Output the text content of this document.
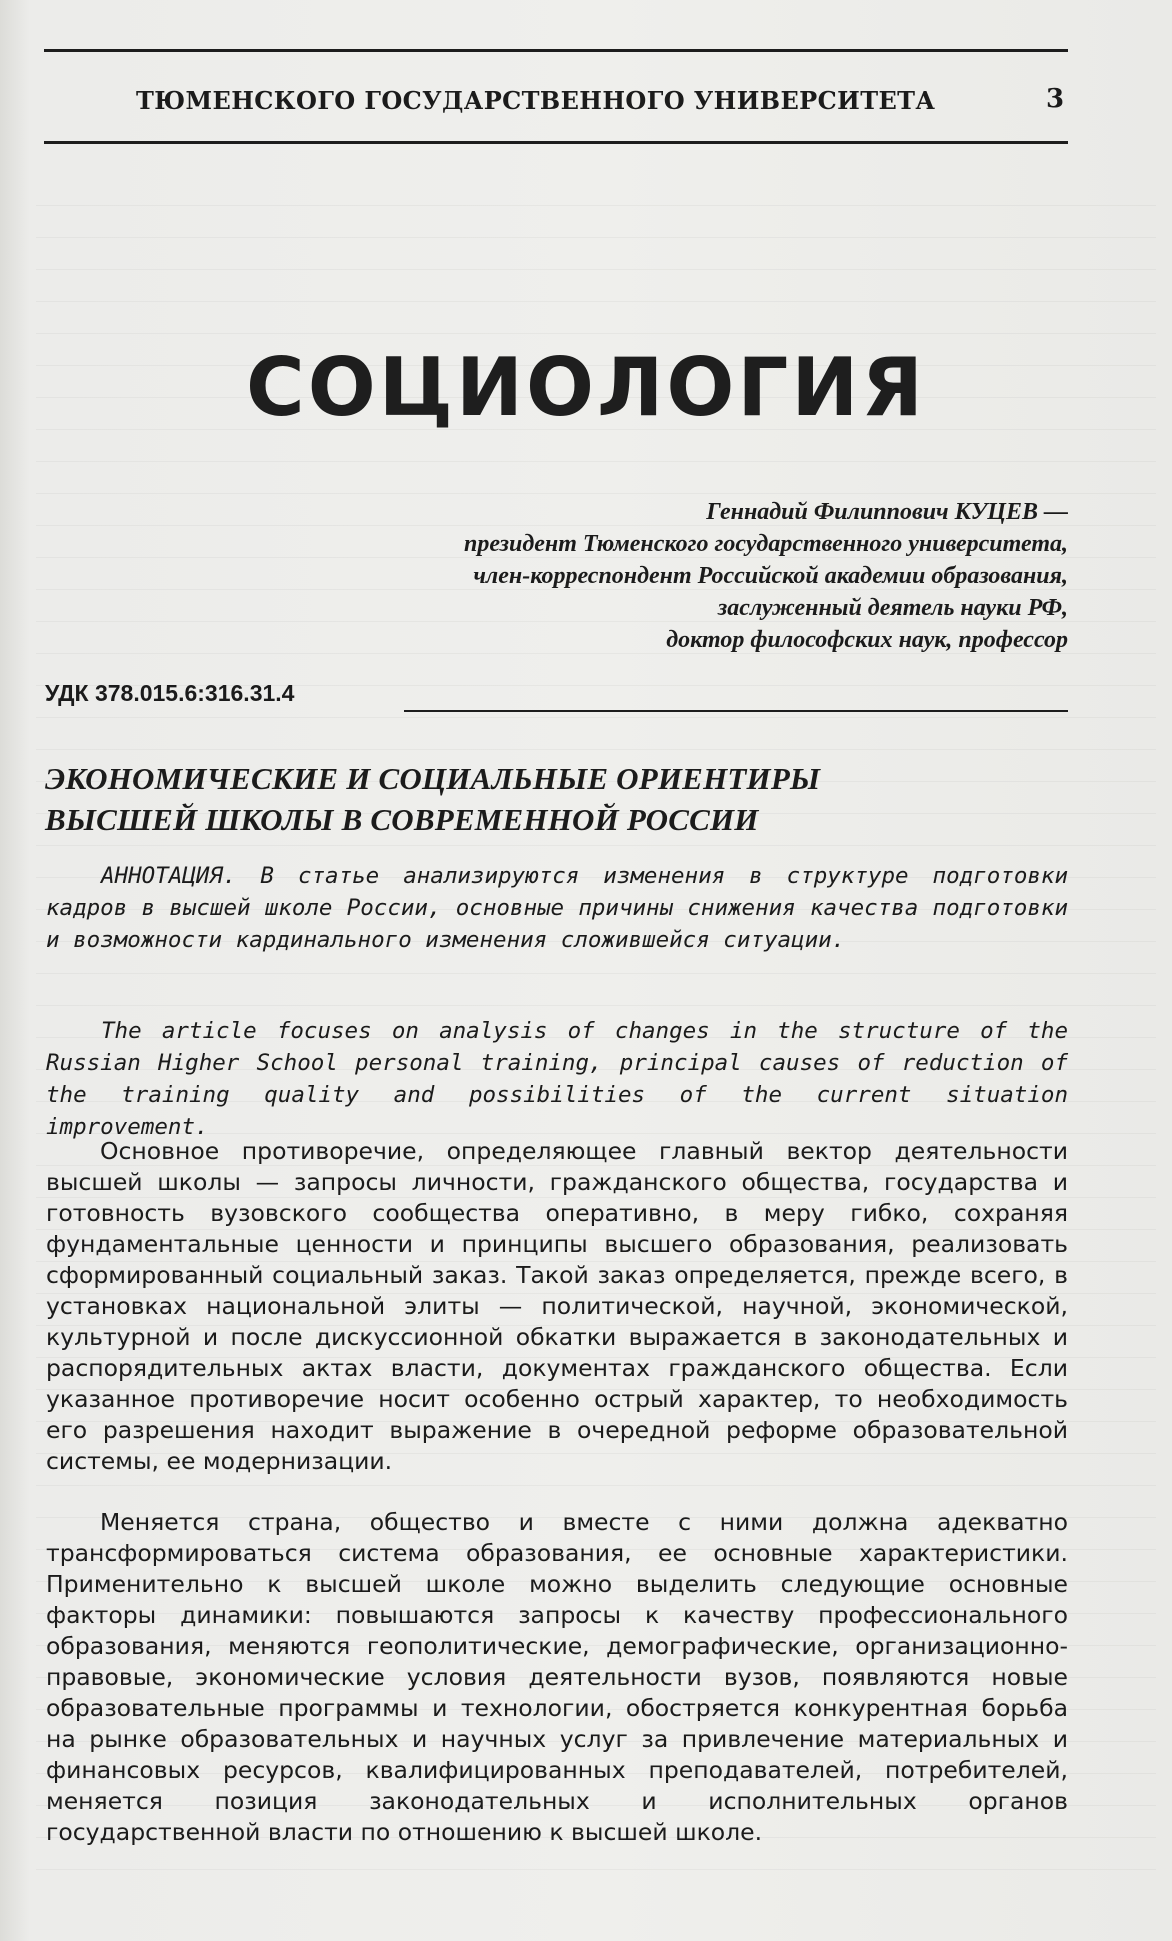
ТЮМЕНСКОГО ГОСУДАРСТВЕННОГО УНИВЕРСИТЕТА	3
СОЦИОЛОГИЯ
Геннадий Филиппович КУЦЕВ —
президент Тюменского государственного университета,
член-корреспондент Российской академии образования,
заслуженный деятель науки РФ,
доктор философских наук, профессор
УДК 378.015.6:316.31.4
ЭКОНОМИЧЕСКИЕ И СОЦИАЛЬНЫЕ ОРИЕНТИРЫ
ВЫСШЕЙ ШКОЛЫ В СОВРЕМЕННОЙ РОССИИ

АННОТАЦИЯ. В статье анализируются изменения в структуре подготовки кадров в высшей школе России, основные причины снижения качества подготовки и возможности кардинального изменения сложившейся ситуации.

The article focuses on analysis of changes in the structure of the Russian Higher School personal training, principal causes of reduction of the training quality and possibilities of the current situation improvement.

Основное противоречие, определяющее главный вектор деятельности высшей школы — запросы личности, гражданского общества, государства и готовность вузовского сообщества оперативно, в меру гибко, сохраняя фундаментальные ценности и принципы высшего образования, реализовать сформированный социальный заказ. Такой заказ определяется, прежде всего, в установках национальной элиты — политической, научной, экономической, культурной и после дискуссионной обкатки выражается в законодательных и распорядительных актах власти, документах гражданского общества. Если указанное противоречие носит особенно острый характер, то необходимость его разрешения находит выражение в очередной реформе образовательной системы, ее модернизации.

Меняется страна, общество и вместе с ними должна адекватно трансформироваться система образования, ее основные характеристики. Применительно к высшей школе можно выделить следующие основные факторы динамики: повышаются запросы к качеству профессионального образования, меняются геополитические, демографические, организационно-правовые, экономические условия деятельности вузов, появляются новые образовательные программы и технологии, обостряется конкурентная борьба на рынке образовательных и научных услуг за привлечение материальных и финансовых ресурсов, квалифицированных преподавателей, потребителей, меняется позиция законодательных и исполнительных органов государственной власти по отношению к высшей школе.
